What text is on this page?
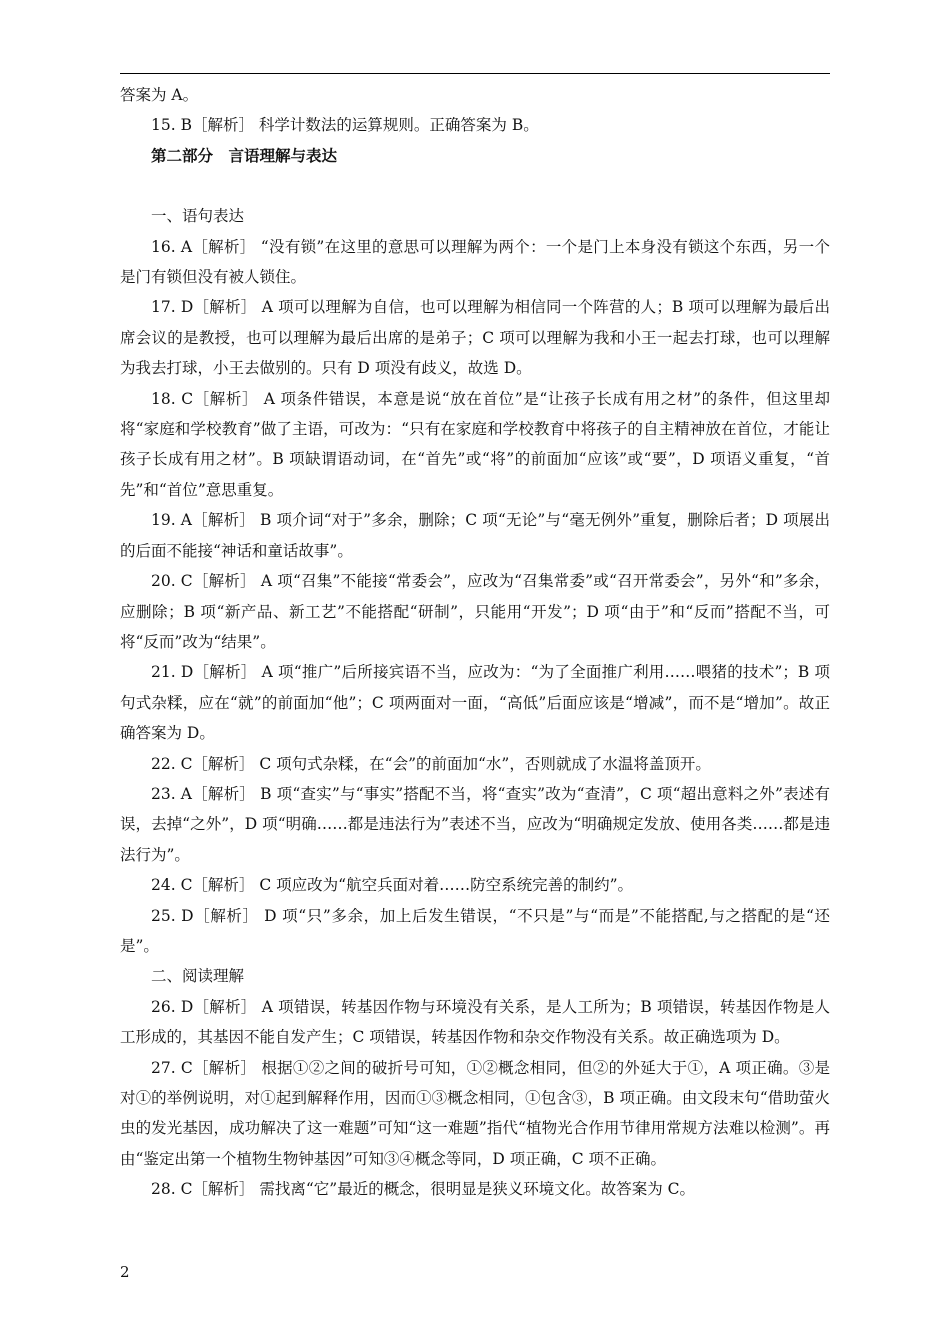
答案为 A。

15. B［解析］ 科学计数法的运算规则。正确答案为 B。

第二部分　言语理解与表达

一、语句表达

16. A［解析］ “没有锁”在这里的意思可以理解为两个：一个是门上本身没有锁这个东西，另一个是门有锁但没有被人锁住。

17. D［解析］ A 项可以理解为自信，也可以理解为相信同一个阵营的人；B 项可以理解为最后出席会议的是教授，也可以理解为最后出席的是弟子；C 项可以理解为我和小王一起去打球，也可以理解为我去打球，小王去做别的。只有 D 项没有歧义，故选 D。

18. C［解析］ A 项条件错误，本意是说“放在首位”是“让孩子长成有用之材”的条件，但这里却将“家庭和学校教育”做了主语，可改为：“只有在家庭和学校教育中将孩子的自主精神放在首位，才能让孩子长成有用之材”。B 项缺谓语动词，在“首先”或“将”的前面加“应该”或“要”，D 项语义重复，“首先”和“首位”意思重复。

19. A［解析］ B 项介词“对于”多余，删除；C 项“无论”与“毫无例外”重复，删除后者；D 项展出的后面不能接“神话和童话故事”。

20. C［解析］ A 项“召集”不能接“常委会”，应改为“召集常委”或“召开常委会”，另外“和”多余，应删除；B 项“新产品、新工艺”不能搭配“研制”，只能用“开发”；D 项“由于”和“反而”搭配不当，可将“反而”改为“结果”。

21. D［解析］ A 项“推广”后所接宾语不当，应改为：“为了全面推广利用……喂猪的技术”；B 项句式杂糅，应在“就”的前面加“他”；C 项两面对一面，“高低”后面应该是“增减”，而不是“增加”。故正确答案为 D。

22. C［解析］ C 项句式杂糅，在“会”的前面加“水”，否则就成了水温将盖顶开。

23. A［解析］ B 项“查实”与“事实”搭配不当，将“查实”改为“查清”，C 项“超出意料之外”表述有误，去掉“之外”，D 项“明确……都是违法行为”表述不当，应改为“明确规定发放、使用各类……都是违法行为”。

24. C［解析］ C 项应改为“航空兵面对着……防空系统完善的制约”。

25. D［解析］ D 项“只”多余，加上后发生错误，“不只是”与“而是”不能搭配,与之搭配的是“还是”。

二、阅读理解

26. D［解析］ A 项错误，转基因作物与环境没有关系，是人工所为；B 项错误，转基因作物是人工形成的，其基因不能自发产生；C 项错误，转基因作物和杂交作物没有关系。故正确选项为 D。

27. C［解析］ 根据①②之间的破折号可知，①②概念相同，但②的外延大于①，A 项正确。③是对①的举例说明，对①起到解释作用，因而①③概念相同，①包含③，B 项正确。由文段末句“借助萤火虫的发光基因，成功解决了这一难题”可知“这一难题”指代“植物光合作用节律用常规方法难以检测”。再由“鉴定出第一个植物生物钟基因”可知③④概念等同，D 项正确，C 项不正确。

28. C［解析］ 需找离“它”最近的概念，很明显是狭义环境文化。故答案为 C。

2
